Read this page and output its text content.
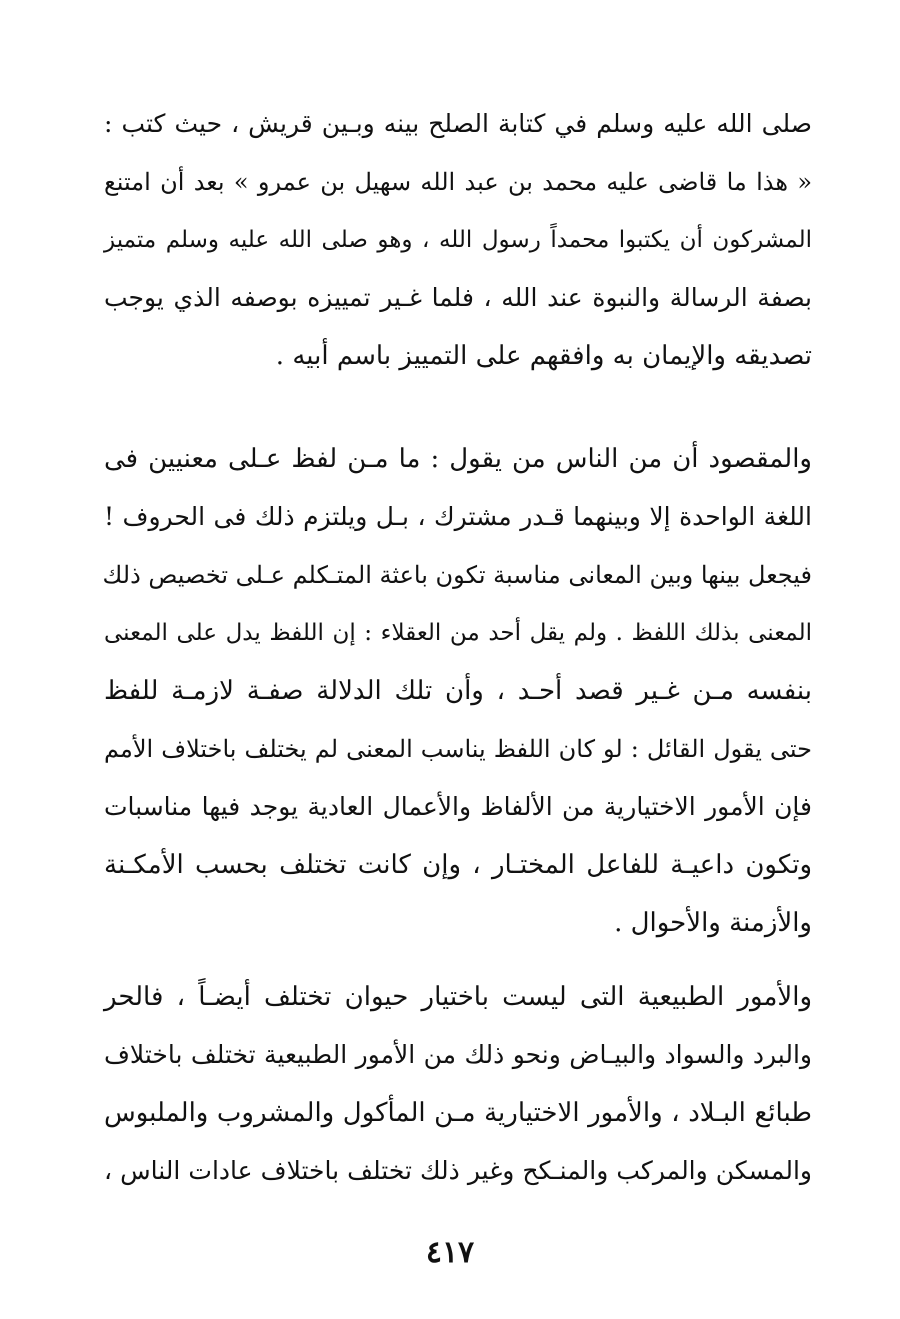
صلى الله عليه وسلم في كتابة الصلح بينه وبـين قريش ، حيث كتب :
« هذا ما قاضى عليه محمد بن عبد الله سهيل بن عمرو » بعد أن امتنع
المشركون أن يكتبوا محمداً رسول الله ، وهو صلى الله عليه وسلم متميز
بصفة الرسالة والنبوة عند الله ، فلما غـير تمييزه بوصفه الذي يوجب
تصديقه والإيمان به وافقهم على التمييز باسم أبيه .
والمقصود أن من الناس من يقول : ما مـن لفظ عـلى معنيين فى
اللغة الواحدة إلا وبينهما قـدر مشترك ، بـل ويلتزم ذلك فى الحروف !
فيجعل بينها وبين المعانى مناسبة تكون باعثة المتـكلم عـلى تخصيص ذلك
المعنى بذلك اللفظ . ولم يقل أحد من العقلاء : إن اللفظ يدل على المعنى
بنفسه مـن غـير قصد أحـد ، وأن تلك الدلالة صفـة لازمـة للفظ
حتى يقول القائل : لو كان اللفظ يناسب المعنى لم يختلف باختلاف الأمم
فإن الأمور الاختيارية من الألفاظ والأعمال العادية يوجد فيها مناسبات
وتكون داعيـة للفاعل المختـار ، وإن كانت تختلف بحسب الأمكـنة
والأزمنة والأحوال .
والأمور الطبيعية التى ليست باختيار حيوان تختلف أيضـاً ، فالحر
والبرد والسواد والبيـاض ونحو ذلك من الأمور الطبيعية تختلف باختلاف
طبائع البـلاد ، والأمور الاختيارية مـن المأكول والمشروب والملبوس
والمسكن والمركب والمنـكح وغير ذلك تختلف باختلاف عادات الناس ،
٤١٧
